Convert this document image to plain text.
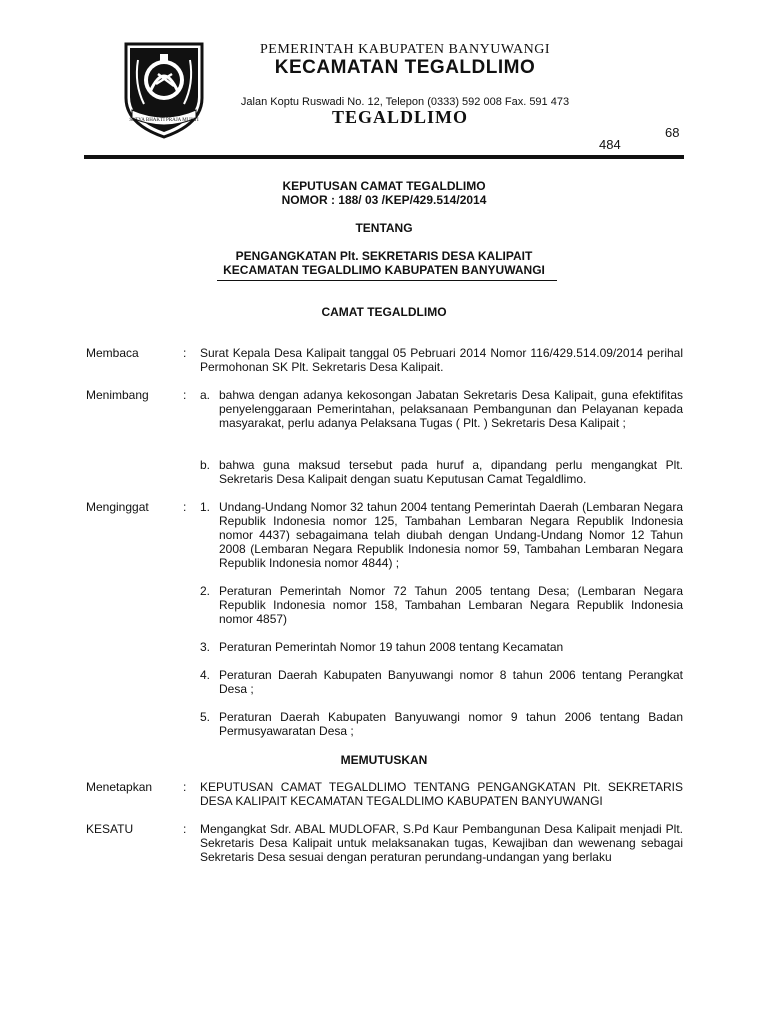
SATYA BHAKTI PRAJA MUKTI
PEMERINTAH KABUPATEN BANYUWANGI
KECAMATAN TEGALDLIMO
Jalan Koptu Ruswadi No. 12, Telepon (0333) 592 008 Fax. 591 473
TEGALDLIMO
484
68
KEPUTUSAN CAMAT TEGALDLIMO
NOMOR : 188/ 03 /KEP/429.514/2014
TENTANG
PENGANGKATAN Plt. SEKRETARIS DESA KALIPAIT
KECAMATAN TEGALDLIMO KABUPATEN BANYUWANGI
CAMAT TEGALDLIMO
Membaca	: Surat Kepala Desa Kalipait tanggal 05 Pebruari 2014 Nomor 116/429.514.09/2014 perihal Permohonan SK Plt. Sekretaris Desa Kalipait.

Menimbang	: a. bahwa dengan adanya kekosongan Jabatan Sekretaris Desa Kalipait, guna efektifitas penyelenggaraan Pemerintahan, pelaksanaan Pembangunan dan Pelayanan kepada masyarakat, perlu adanya Pelaksana Tugas ( Plt. ) Sekretaris Desa Kalipait ;
b. bahwa guna maksud tersebut pada huruf a, dipandang perlu mengangkat Plt. Sekretaris Desa Kalipait dengan suatu Keputusan Camat Tegaldlimo.
Menginggat	: 1. Undang-Undang Nomor 32 tahun 2004 tentang Pemerintah Daerah (Lembaran Negara Republik Indonesia nomor 125, Tambahan Lembaran Negara Republik Indonesia nomor 4437) sebagaimana telah diubah dengan Undang-Undang Nomor 12 Tahun 2008 (Lembaran Negara Republik Indonesia nomor 59, Tambahan Lembaran Negara Republik Indonesia nomor 4844) ;
2. Peraturan Pemerintah Nomor 72 Tahun 2005 tentang Desa; (Lembaran Negara Republik Indonesia nomor 158, Tambahan Lembaran Negara Republik Indonesia nomor 4857)
3. Peraturan Pemerintah Nomor 19 tahun 2008 tentang Kecamatan
4. Peraturan Daerah Kabupaten Banyuwangi nomor 8 tahun 2006 tentang Perangkat Desa ;
5. Peraturan Daerah Kabupaten Banyuwangi nomor 9 tahun 2006 tentang Badan Permusyawaratan Desa ;
MEMUTUSKAN
Menetapkan	: KEPUTUSAN CAMAT TEGALDLIMO TENTANG PENGANGKATAN Plt. SEKRETARIS DESA KALIPAIT KECAMATAN TEGALDLIMO KABUPATEN BANYUWANGI

KESATU	: Mengangkat Sdr. ABAL MUDLOFAR, S.Pd Kaur Pembangunan Desa Kalipait menjadi Plt. Sekretaris Desa Kalipait untuk melaksanakan tugas, Kewajiban dan wewenang sebagai Sekretaris Desa sesuai dengan peraturan perundang-undangan yang berlaku
